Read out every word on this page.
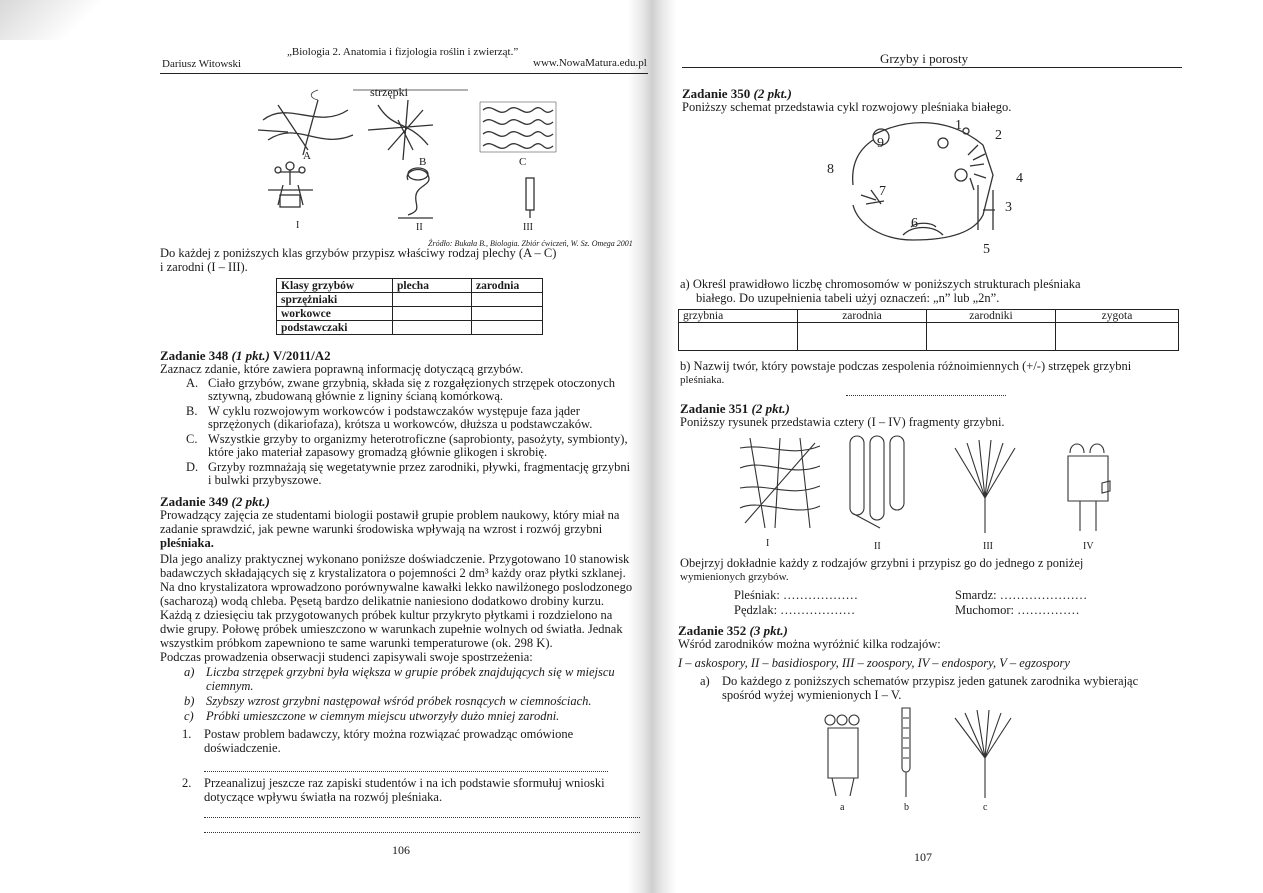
„Biologia 2. Anatomia i fizjologia roślin i zwierząt.”
Dariusz Witowski	www.NowaMatura.edu.pl
strzępki
A	B	C
I	II	III
Źródło: Bukała B., Biologia. Zbiór ćwiczeń, W. Sz. Omega 2001
Do każdej z poniższych klas grzybów przypisz właściwy rodzaj plechy (A – C)
i zarodni (I – III).
Klasy grzybów	plecha	zarodnia
sprzężniaki		
workowce		
podstawczaki		
Zadanie 348 (1 pkt.) V/2011/A2
Zaznacz zdanie, które zawiera poprawną informację dotyczącą grzybów.
A. Ciało grzybów, zwane grzybnią, składa się z rozgałęzionych strzępek otoczonych
sztywną, zbudowaną głównie z ligniny ścianą komórkową.
B. W cyklu rozwojowym workowców i podstawczaków występuje faza jąder
sprzężonych (dikariofaza), krótsza u workowców, dłuższa u podstawczaków.
C. Wszystkie grzyby to organizmy heterotroficzne (saprobionty, pasożyty, symbionty),
które jako materiał zapasowy gromadzą głównie glikogen i skrobię.
D. Grzyby rozmnażają się wegetatywnie przez zarodniki, pływki, fragmentację grzybni
i bulwki przybyszowe.
Zadanie 349 (2 pkt.)
Prowadzący zajęcia ze studentami biologii postawił grupie problem naukowy, który miał na
zadanie sprawdzić, jak pewne warunki środowiska wpływają na wzrost i rozwój grzybni
pleśniaka.
Dla jego analizy praktycznej wykonano poniższe doświadczenie. Przygotowano 10 stanowisk
badawczych składających się z krystalizatora o pojemności 2 dm³ każdy oraz płytki szklanej.
Na dno krystalizatora wprowadzono porównywalne kawałki lekko nawilżonego poslodzonego
(sacharozą) wodą chleba. Pęsetą bardzo delikatnie naniesiono dodatkowo drobiny kurzu.
Każdą z dziesięciu tak przygotowanych próbek kultur przykryto płytkami i rozdzielono na
dwie grupy. Połowę próbek umieszczono w warunkach zupełnie wolnych od światła. Jednak
wszystkim próbkom zapewniono te same warunki temperaturowe (ok. 298 K).
Podczas prowadzenia obserwacji studenci zapisywali swoje spostrzeżenia:
a) Liczba strzępek grzybni była większa w grupie próbek znajdujących się w miejscu
ciemnym.
b) Szybszy wzrost grzybni następował wśród próbek rosnących w ciemnościach.
c) Próbki umieszczone w ciemnym miejscu utworzyły dużo mniej zarodni.
1. Postaw problem badawczy, który można rozwiązać prowadząc omówione
doświadczenie.
2. Przeanalizuj jeszcze raz zapiski studentów i na ich podstawie sformułuj wnioski
dotyczące wpływu światła na rozwój pleśniaka.
106
Grzyby i porosty
Zadanie 350 (2 pkt.)
Poniższy schemat przedstawia cykl rozwojowy pleśniaka białego.
1
2
3
4
5
6
7
8
9
a) Określ prawidłowo liczbę chromosomów w poniższych strukturach pleśniaka
białego. Do uzupełnienia tabeli użyj oznaczeń: „n” lub „2n”.
grzybnia	zarodnia	zarodniki	zygota

b) Nazwij twór, który powstaje podczas zespolenia różnoimiennych (+/-) strzępek grzybni
pleśniaka.
Zadanie 351 (2 pkt.)
Poniższy rysunek przedstawia cztery (I – IV) fragmenty grzybni.
I	II	III	IV
Obejrzyj dokładnie każdy z rodzajów grzybni i przypisz go do jednego z poniżej
wymienionych grzybów.
Pleśniak: ………………	Smardz: …………………
Pędzlak: ………………	Muchomor: ……………
Zadanie 352 (3 pkt.)
Wśród zarodników można wyróżnić kilka rodzajów:
I – askospory, II – basidiospory, III – zoospory, IV – endospory, V – egzospory
a) Do każdego z poniższych schematów przypisz jeden gatunek zarodnika wybierając
spośród wyżej wymienionych I – V.
a	b	c
107
